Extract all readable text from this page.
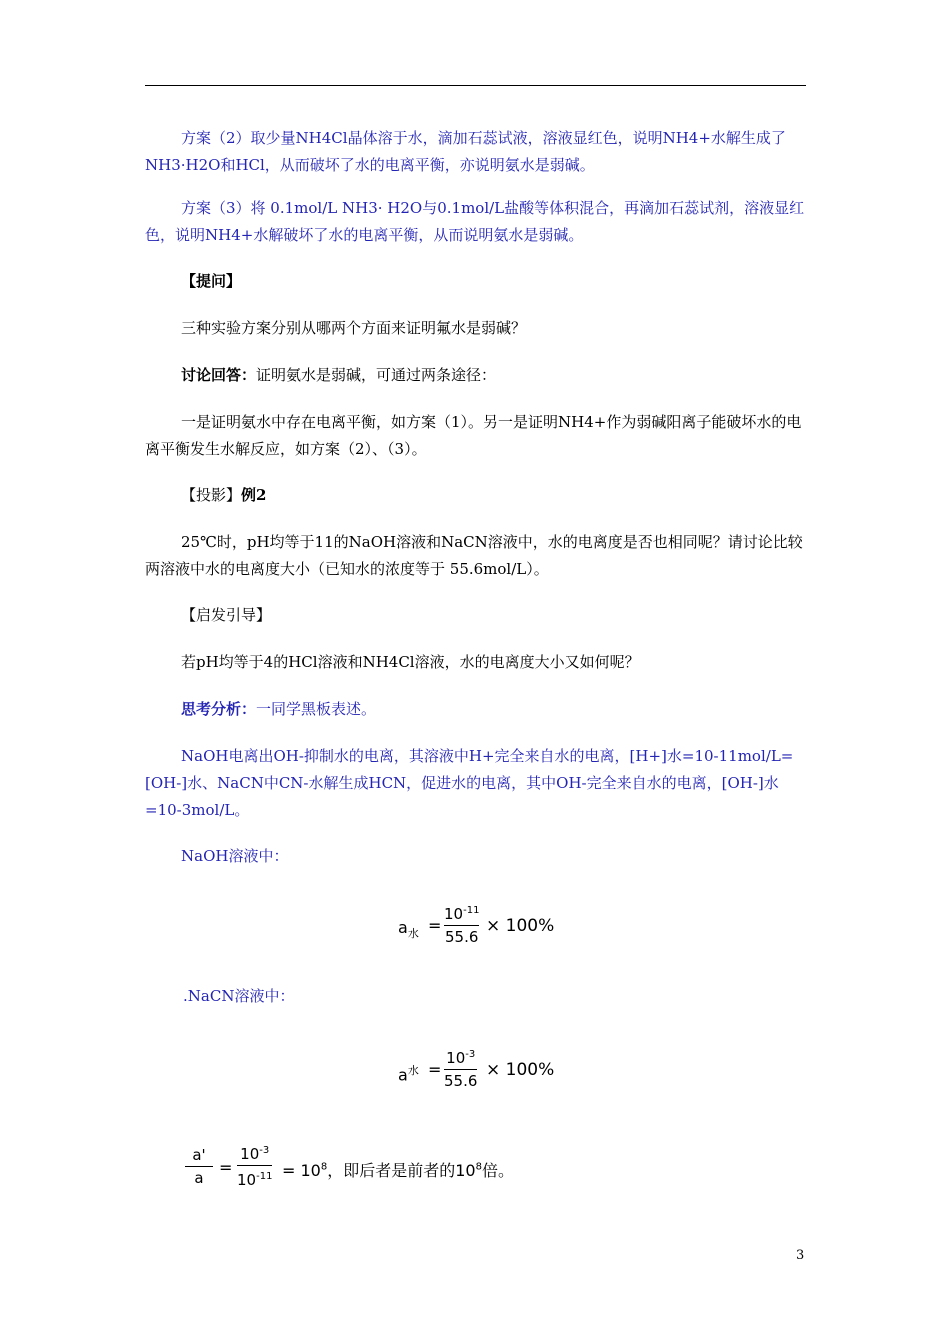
方案（2）取少量NH4Cl晶体溶于水，滴加石蕊试液，溶液显红色，说明NH4+水解生成了NH3·H2O和HCl，从而破坏了水的电离平衡，亦说明氨水是弱碱。

方案（3）将 0.1mol/L NH3· H2O与0.1mol/L盐酸等体积混合，再滴加石蕊试剂，溶液显红色，说明NH4+水解破坏了水的电离平衡，从而说明氨水是弱碱。

【提问】

三种实验方案分别从哪两个方面来证明氟水是弱碱？

讨论回答：证明氨水是弱碱，可通过两条途径：

一是证明氨水中存在电离平衡，如方案（1）。另一是证明NH4+作为弱碱阳离子能破坏水的电离平衡发生水解反应，如方案（2）、（3）。

【投影】例2

25℃时，pH均等于11的NaOH溶液和NaCN溶液中，水的电离度是否也相同呢？请讨论比较两溶液中水的电离度大小（已知水的浓度等于 55.6mol/L）。

【启发引导】

若pH均等于4的HCl溶液和NH4Cl溶液，水的电离度大小又如何呢？

思考分析：一同学黑板表述。

NaOH电离出OH-抑制水的电离，其溶液中H+完全来自水的电离，[H+]水=10-11mol/L=[OH-]水、NaCN中CN-水解生成HCN，促进水的电离，其中OH-完全来自水的电离，[OH-]水=10-3mol/L。

NaOH溶液中：

$a_水$ =
$10^{-11}$
55.6
× 100%

.NaCN溶液中：

$a^水$ =
$10^{-3}$
55.6
× 100%
a'
a
=
$10^{-3}$
$10^{-11} = 10^8$，即后者是前者的$10^8$倍。
3
